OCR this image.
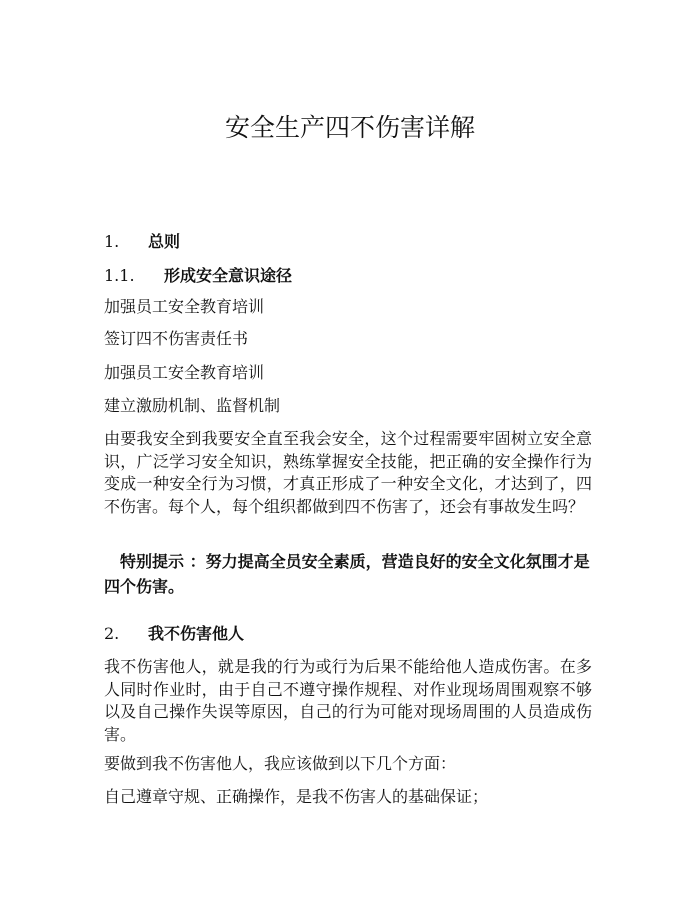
安全生产四不伤害详解
1. 总则
1.1. 形成安全意识途径
加强员工安全教育培训
签订四不伤害责任书
加强员工安全教育培训
建立激励机制、监督机制
由要我安全到我要安全直至我会安全，这个过程需要牢固树立安全意识，广泛学习安全知识，熟练掌握安全技能，把正确的安全操作行为变成一种安全行为习惯，才真正形成了一种安全文化，才达到了，四不伤害。每个人，每个组织都做到四不伤害了，还会有事故发生吗？
特别提示 ：努力提高全员安全素质，营造良好的安全文化氛围才是四个伤害。
2. 我不伤害他人
我不伤害他人，就是我的行为或行为后果不能给他人造成伤害。在多人同时作业时，由于自己不遵守操作规程、对作业现场周围观察不够以及自己操作失误等原因，自己的行为可能对现场周围的人员造成伤害。
要做到我不伤害他人，我应该做到以下几个方面：
自己遵章守规、正确操作，是我不伤害人的基础保证；
